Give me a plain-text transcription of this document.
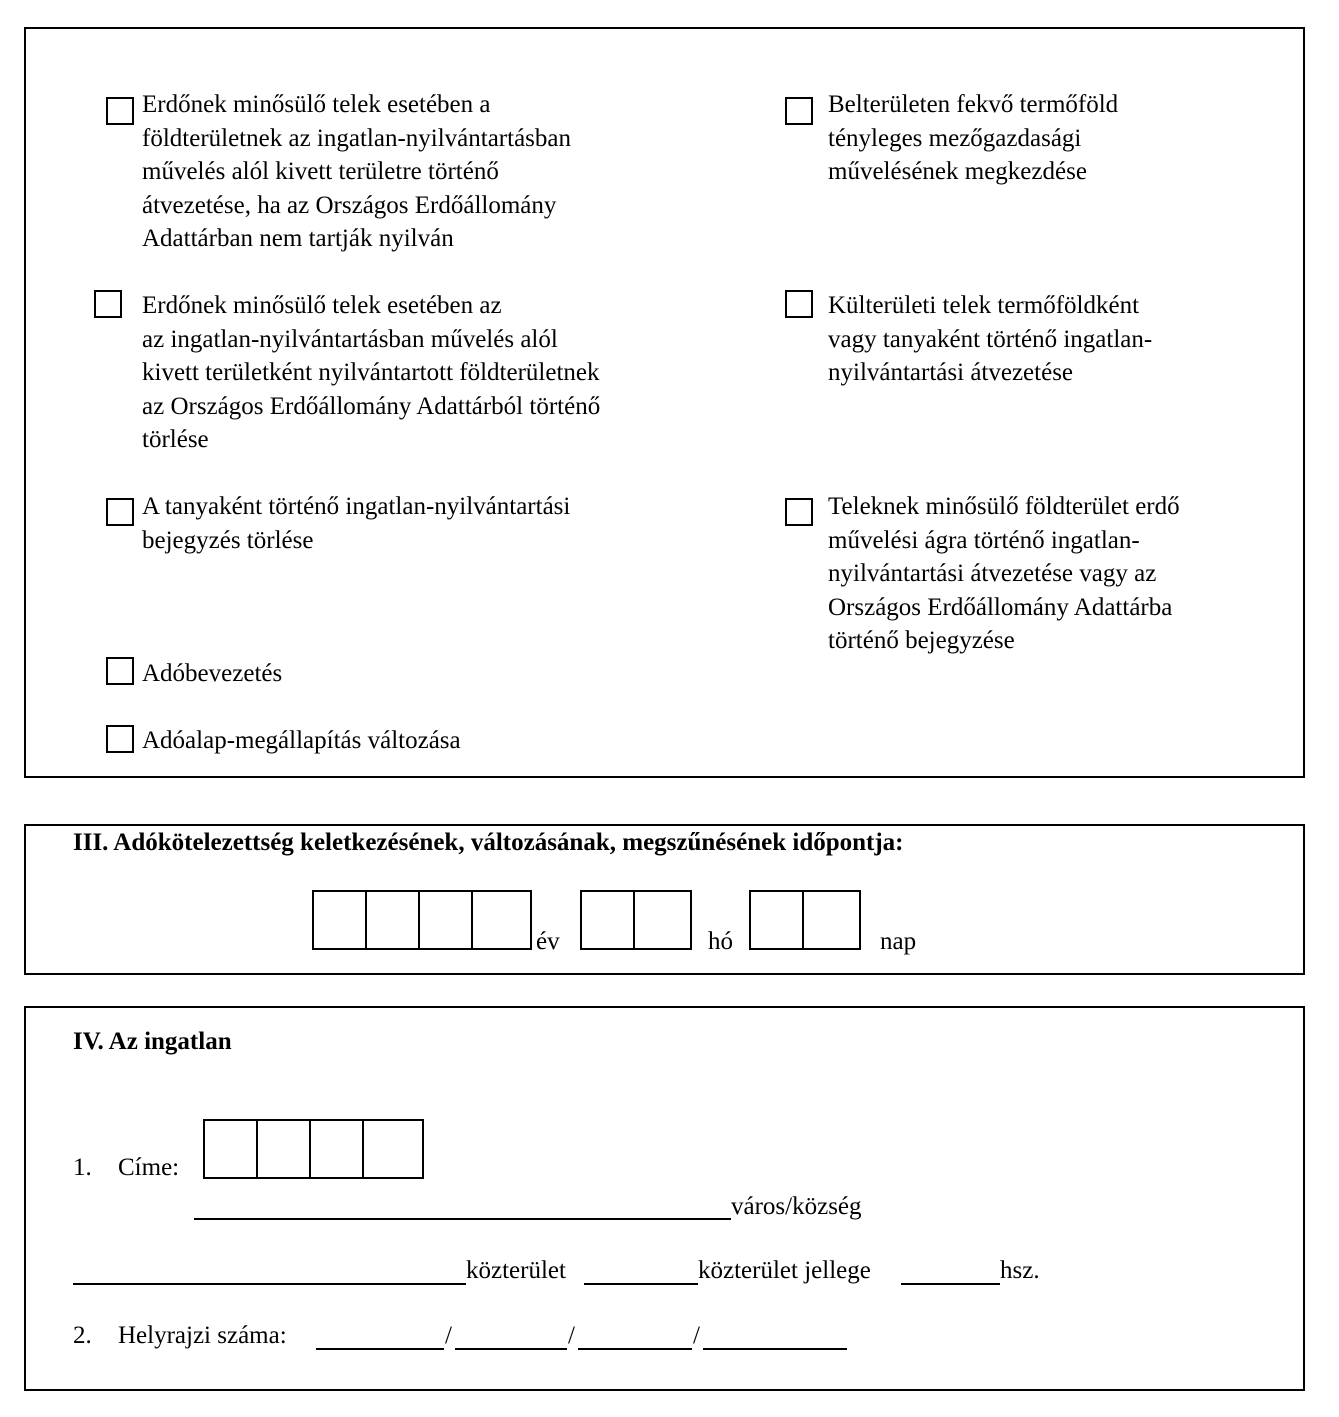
Erdőnek minősülő telek esetében a
földterületnek az ingatlan-nyilvántartásban
művelés alól kivett területre történő
átvezetése, ha az Országos Erdőállomány
Adattárban nem tartják nyilván
Belterületen fekvő termőföld
tényleges mezőgazdasági
művelésének megkezdése
Erdőnek minősülő telek esetében az
az ingatlan-nyilvántartásban művelés alól
kivett területként nyilvántartott földterületnek
az Országos Erdőállomány Adattárból történő
törlése
Külterületi telek termőföldként
vagy tanyaként történő ingatlan-
nyilvántartási átvezetése
A tanyaként történő ingatlan-nyilvántartási
bejegyzés törlése
Teleknek minősülő földterület erdő
művelési ágra történő ingatlan-
nyilvántartási átvezetése vagy az
Országos Erdőállomány Adattárba
történő bejegyzése
Adóbevezetés
Adóalap-megállapítás változása
III. Adókötelezettség keletkezésének, változásának, megszűnésének időpontja:
év	hó	nap
IV. Az ingatlan
1. Címe:
város/község
közterület	közterület jellege	hsz.
2. Helyrajzi száma:	/	/	/
